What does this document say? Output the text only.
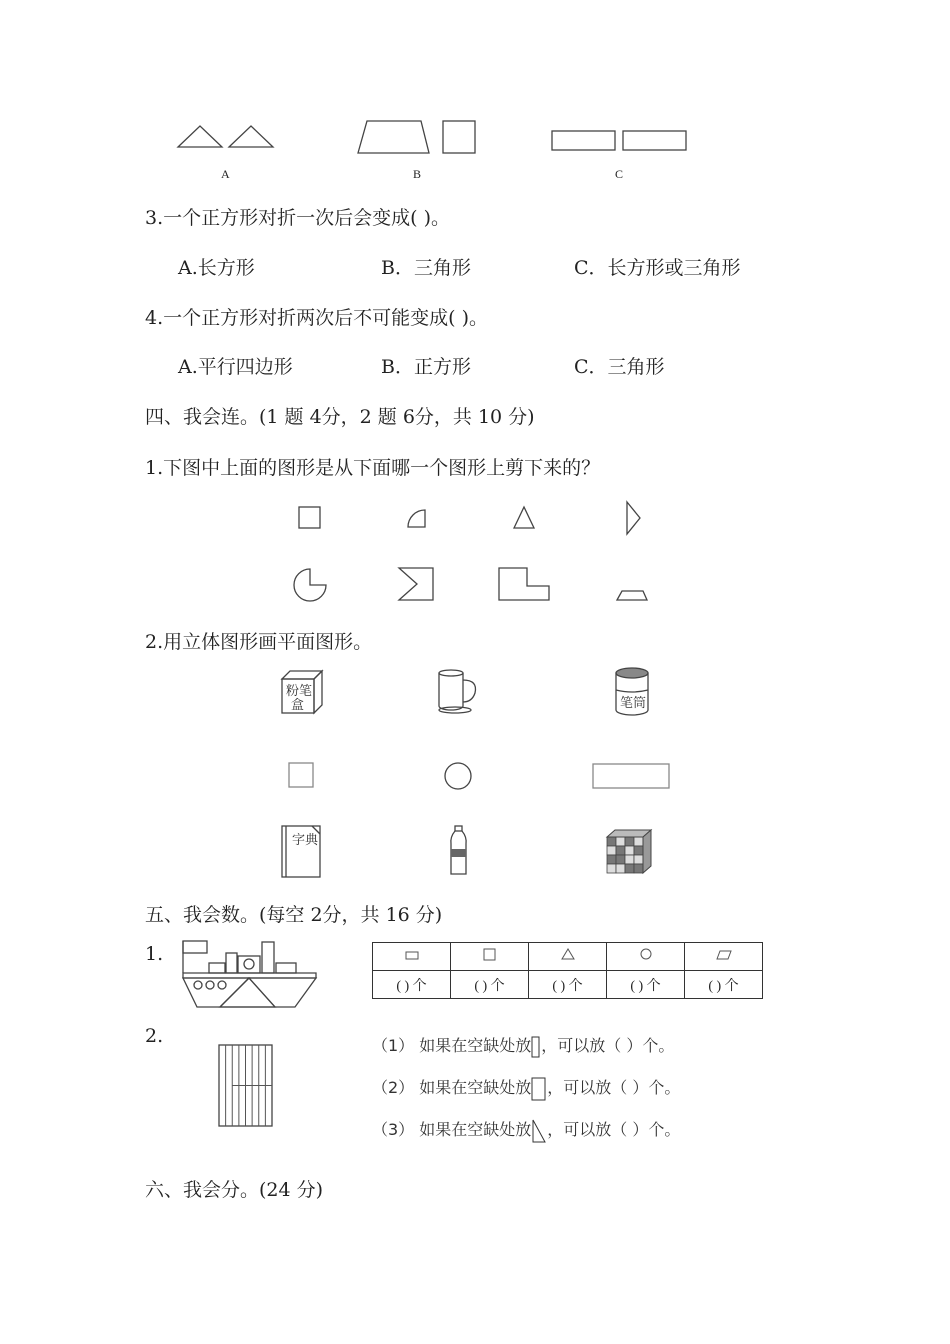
A	B	C
3.一个正方形对折一次后会变成( )。
A.长方形	B．三角形	C．长方形或三角形
4.一个正方形对折两次后不可能变成( )。
A.平行四边形	B．正方形	C．三角形
四、我会连。(1 题 4分，2 题 6分，共 10 分)
1.下图中上面的图形是从下面哪一个图形上剪下来的？
2.用立体图形画平面图形。
粉笔
盒	笔筒
字典
五、我会数。(每空 2分，共 16 分)
1.

( ) 个	( ) 个	( ) 个	( ) 个	( ) 个
2.	（1） 如果在空缺处放 ，可以放（ ）个。
（2） 如果在空缺处放 ，可以放（ ）个。
（3） 如果在空缺处放 ，可以放（ ）个。
六、我会分。(24 分)
